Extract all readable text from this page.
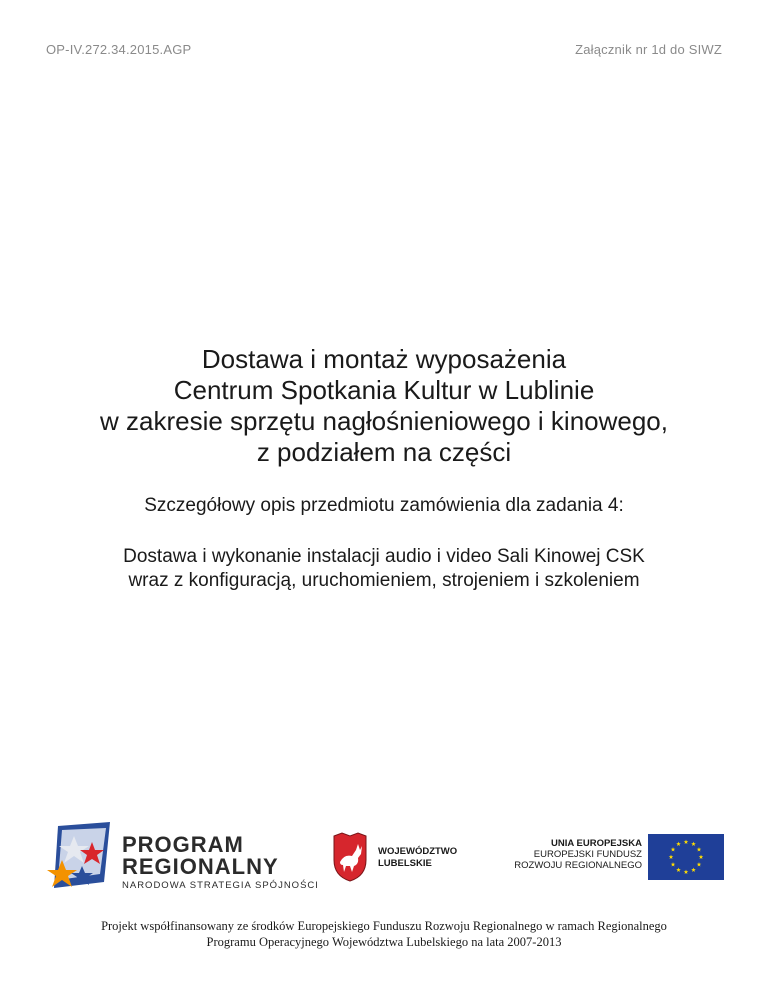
OP-IV.272.34.2015.AGP	Załącznik nr 1d do SIWZ
Dostawa i montaż wyposażenia
Centrum Spotkania Kultur w Lublinie
w zakresie sprzętu nagłośnieniowego i kinowego,
z podziałem na części
Szczegółowy opis przedmiotu zamówienia dla zadania 4:
Dostawa i wykonanie instalacji audio i video Sali Kinowej CSK
wraz z konfiguracją, uruchomieniem, strojeniem i szkoleniem
PROGRAM
REGIONALNY
NARODOWA STRATEGIA SPÓJNOŚCI
WOJEWÓDZTWO
LUBELSKIE
UNIA EUROPEJSKA
EUROPEJSKI FUNDUSZ
ROZWOJU REGIONALNEGO
Projekt współfinansowany ze środków Europejskiego Funduszu Rozwoju Regionalnego w ramach Regionalnego
Programu Operacyjnego Województwa Lubelskiego na lata 2007-2013
